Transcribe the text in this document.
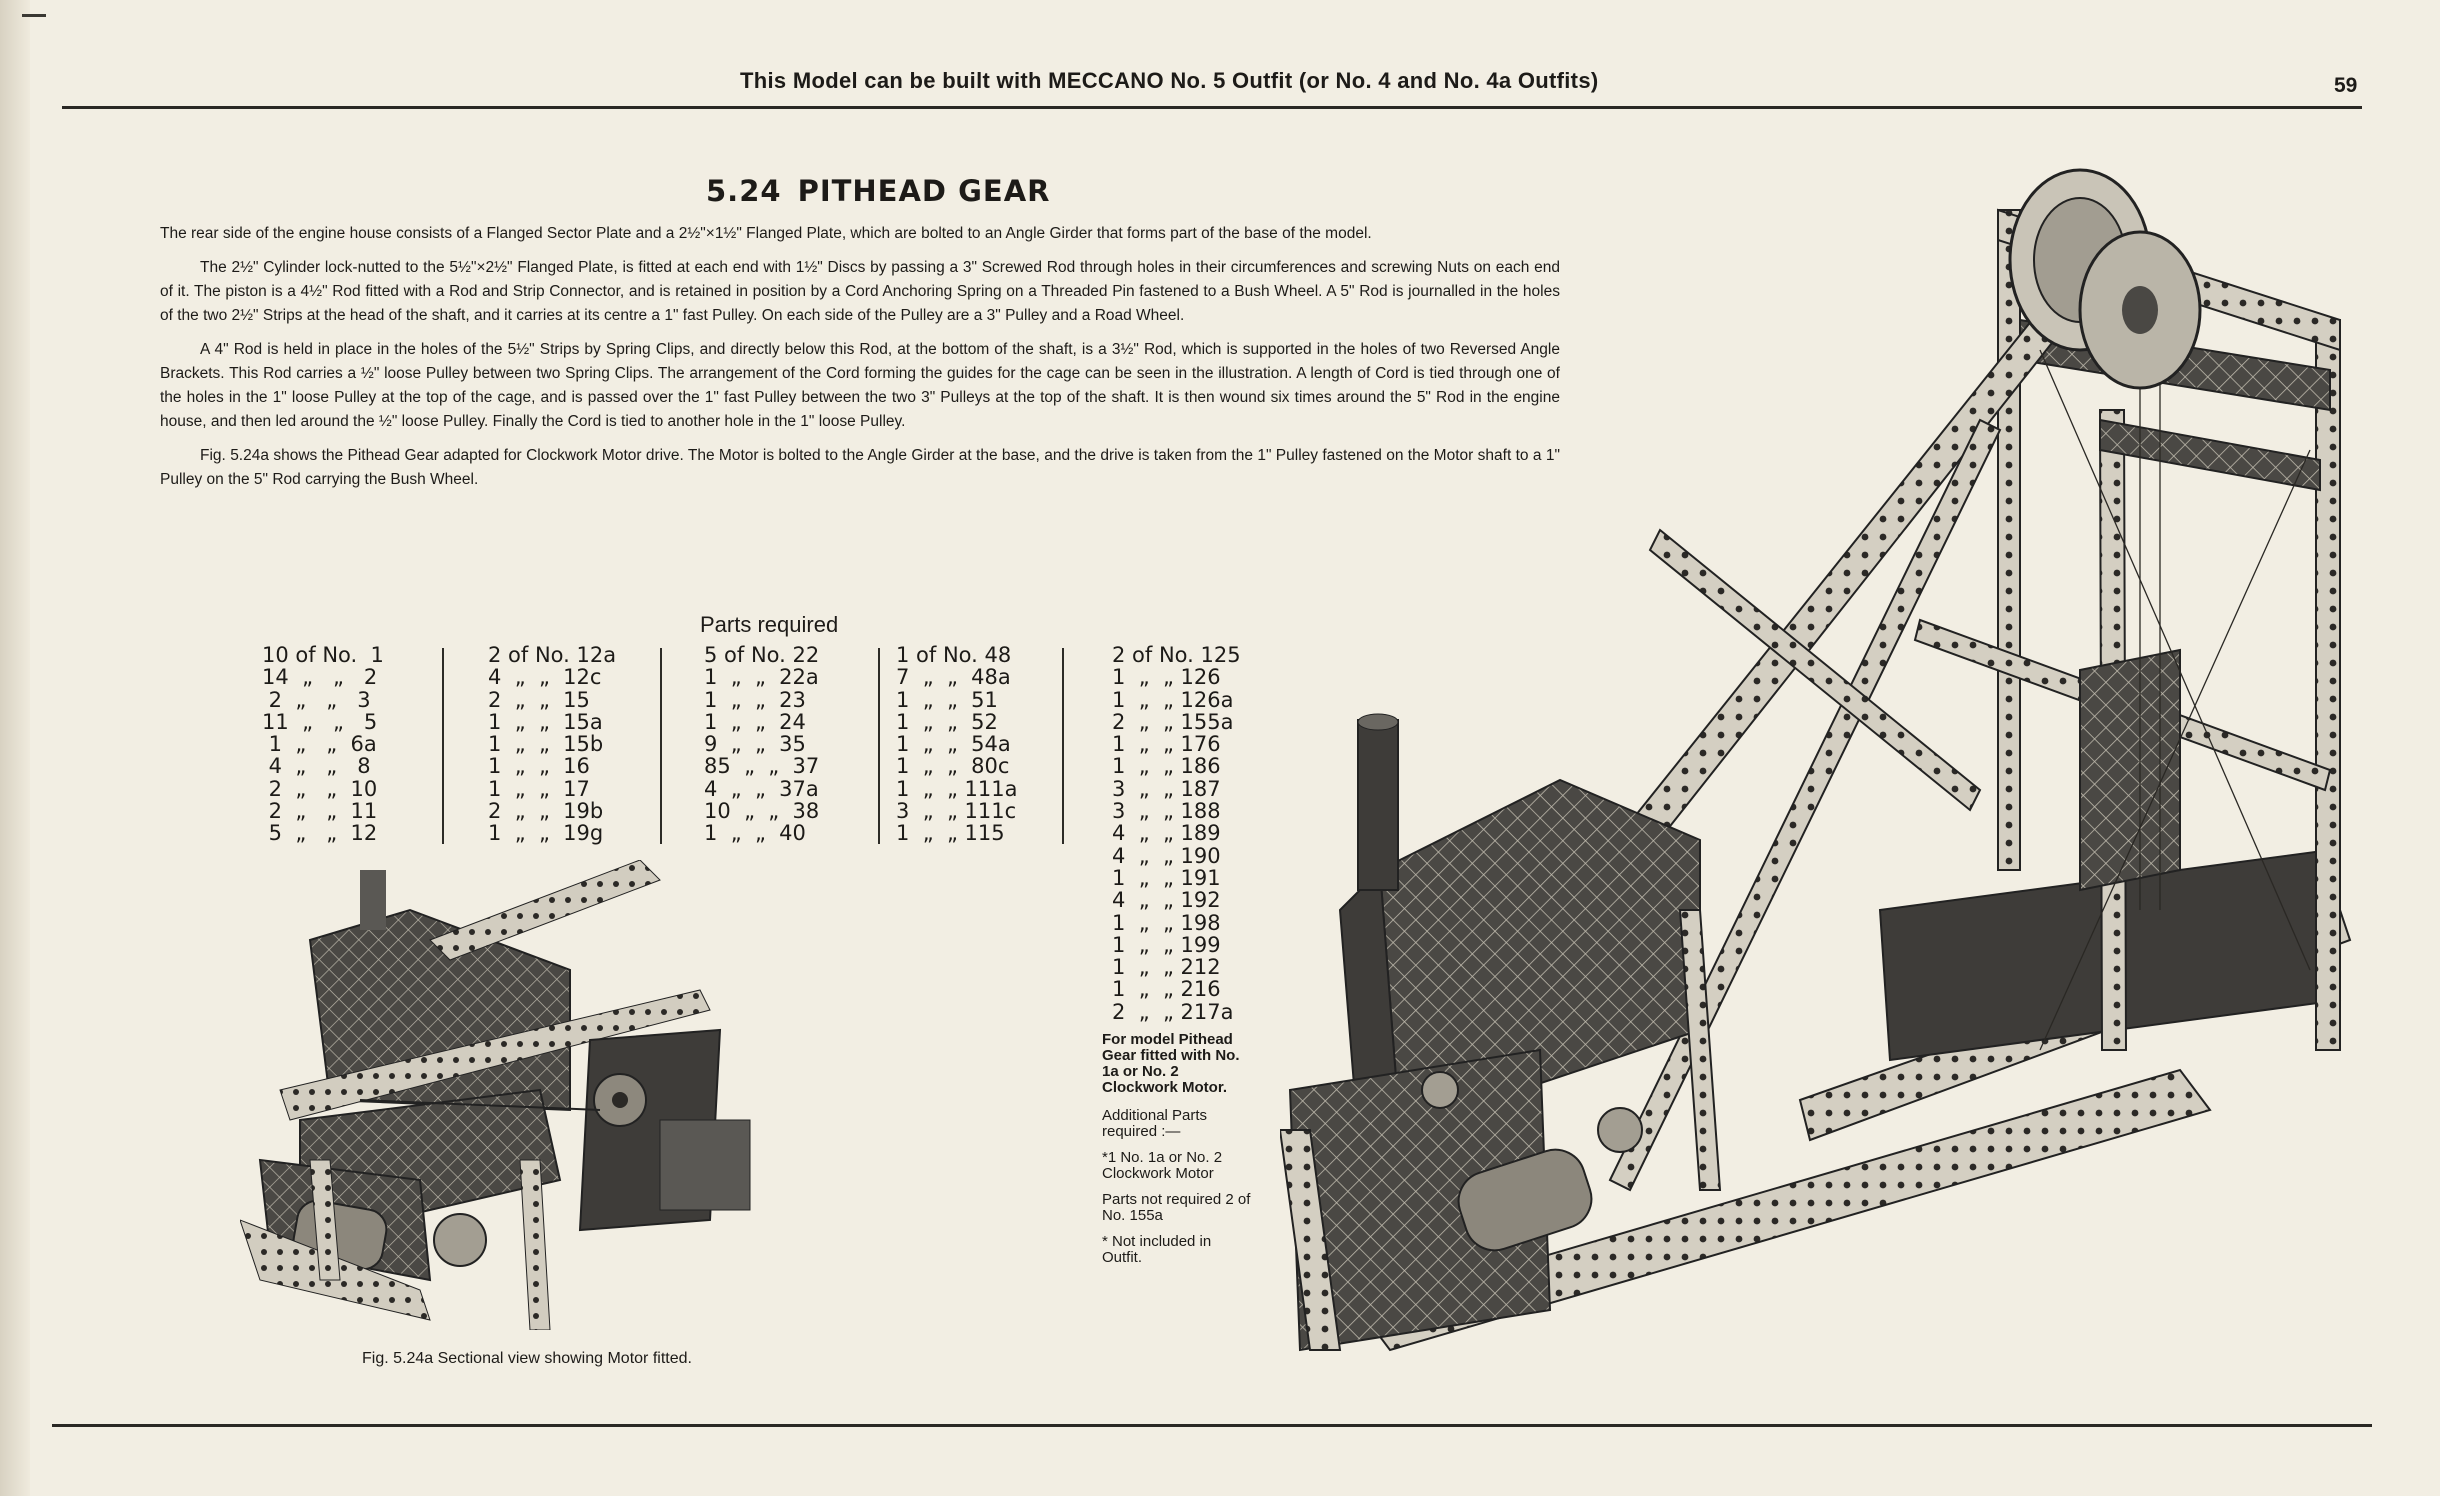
This Model can be built with MECCANO No. 5 Outfit (or No. 4 and No. 4a Outfits)	59
5.24 PITHEAD GEAR

The rear side of the engine house consists of a Flanged Sector Plate and a 2½"×1½" Flanged Plate, which are bolted to an Angle Girder that forms part of the base of the model.

The 2½" Cylinder lock-nutted to the 5½"×2½" Flanged Plate, is fitted at each end with 1½" Discs by passing a 3" Screwed Rod through holes in their circumferences and screwing Nuts on each end of it. The piston is a 4½" Rod fitted with a Rod and Strip Connector, and is retained in position by a Cord Anchoring Spring on a Threaded Pin fastened to a Bush Wheel. A 5" Rod is journalled in the holes of the two 2½" Strips at the head of the shaft, and it carries at its centre a 1" fast Pulley. On each side of the Pulley are a 3" Pulley and a Road Wheel.

A 4" Rod is held in place in the holes of the 5½" Strips by Spring Clips, and directly below this Rod, at the bottom of the shaft, is a 3½" Rod, which is supported in the holes of two Reversed Angle Brackets. This Rod carries a ½" loose Pulley between two Spring Clips. The arrangement of the Cord forming the guides for the cage can be seen in the illustration. A length of Cord is tied through one of the holes in the 1" loose Pulley at the top of the cage, and is passed over the 1" fast Pulley between the two 3" Pulleys at the top of the shaft. It is then wound six times around the 5" Rod in the engine house, and then led around the ½" loose Pulley. Finally the Cord is tied to another hole in the 1" loose Pulley.

Fig. 5.24a shows the Pithead Gear adapted for Clockwork Motor drive. The Motor is bolted to the Angle Girder at the base, and the drive is taken from the 1" Pulley fastened on the Motor shaft to a 1" Pulley on the 5" Rod carrying the Bush Wheel.

Parts required
10 of No.  1
14  „   „   2
2  „   „   3
11  „   „   5
1  „   „  6a
4  „   „   8
2  „   „  10
2  „   „  11
5  „   „  12
2 of No. 12a
4  „  „  12c
2  „  „  15
1  „  „  15a
1  „  „  15b
1  „  „  16
1  „  „  17
2  „  „  19b
1  „  „  19g
5 of No. 22
1  „  „  22a
1  „  „  23
1  „  „  24
9  „  „  35
85  „  „  37
4  „  „  37a
10  „  „  38
1  „  „  40
1 of No. 48
7  „  „  48a
1  „  „  51
1  „  „  52
1  „  „  54a
1  „  „  80c
1  „  „ 111a
3  „  „ 111c
1  „  „ 115
2 of No. 125
1  „  „ 126
1  „  „ 126a
2  „  „ 155a
1  „  „ 176
1  „  „ 186
3  „  „ 187
3  „  „ 188
4  „  „ 189
4  „  „ 190
1  „  „ 191
4  „  „ 192
1  „  „ 198
1  „  „ 199
1  „  „ 212
1  „  „ 216
2  „  „ 217a
For model Pithead Gear fitted with No. 1a or No. 2 Clockwork Motor.
Additional Parts required :—
*1 No. 1a or No. 2 Clockwork Motor
Parts not required 2 of No. 155a
* Not included in Outfit.
Fig. 5.24a Sectional view showing Motor fitted.
